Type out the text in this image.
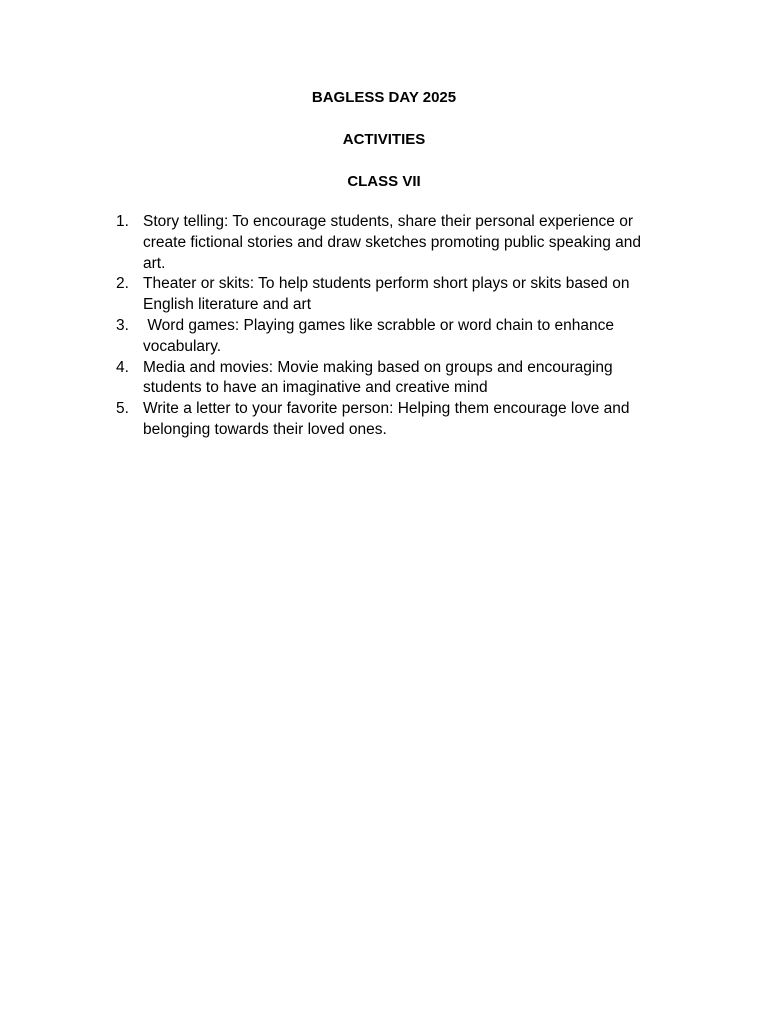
BAGLESS DAY 2025

ACTIVITIES

CLASS VII

1. Story telling: To encourage students, share their personal experience or create fictional stories and draw sketches promoting public speaking and art.
2. Theater or skits: To help students perform short plays or skits based on English literature and art
3. Word games: Playing games like scrabble or word chain to enhance vocabulary.
4. Media and movies: Movie making based on groups and encouraging students to have an imaginative and creative mind
5. Write a letter to your favorite person: Helping them encourage love and belonging towards their loved ones.
